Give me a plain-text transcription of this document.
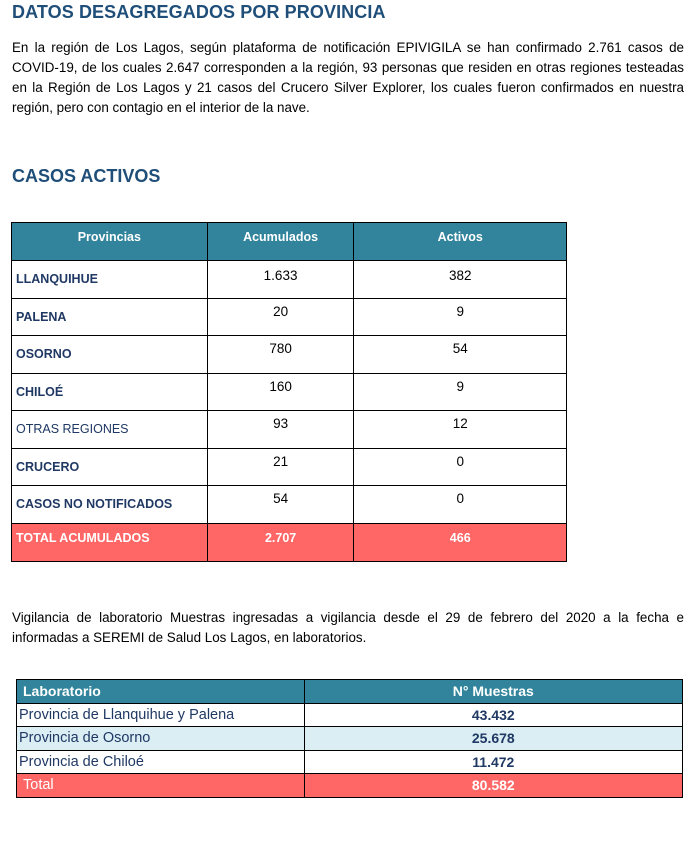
DATOS DESAGREGADOS POR PROVINCIA

En la región de Los Lagos, según plataforma de notificación EPIVIGILA se han confirmado 2.761 casos de COVID-19, de los cuales 2.647 corresponden a la región, 93 personas que residen en otras regiones testeadas en la Región de Los Lagos y 21 casos del Crucero Silver Explorer, los cuales fueron confirmados en nuestra región, pero con contagio en el interior de la nave.

CASOS ACTIVOS
Provincias	Acumulados	Activos
LLANQUIHUE	1.633	382
PALENA	20	9
OSORNO	780	54
CHILOÉ	160	9
OTRAS REGIONES	93	12
CRUCERO	21	0
CASOS NO NOTIFICADOS	54	0
TOTAL ACUMULADOS	2.707	466

Vigilancia de laboratorio Muestras ingresadas a vigilancia desde el 29 de febrero del 2020 a la fecha e informadas a SEREMI de Salud Los Lagos, en laboratorios.

Laboratorio	N° Muestras
Provincia de Llanquihue y Palena	43.432
Provincia de Osorno	25.678
Provincia de Chiloé	11.472
Total	80.582
